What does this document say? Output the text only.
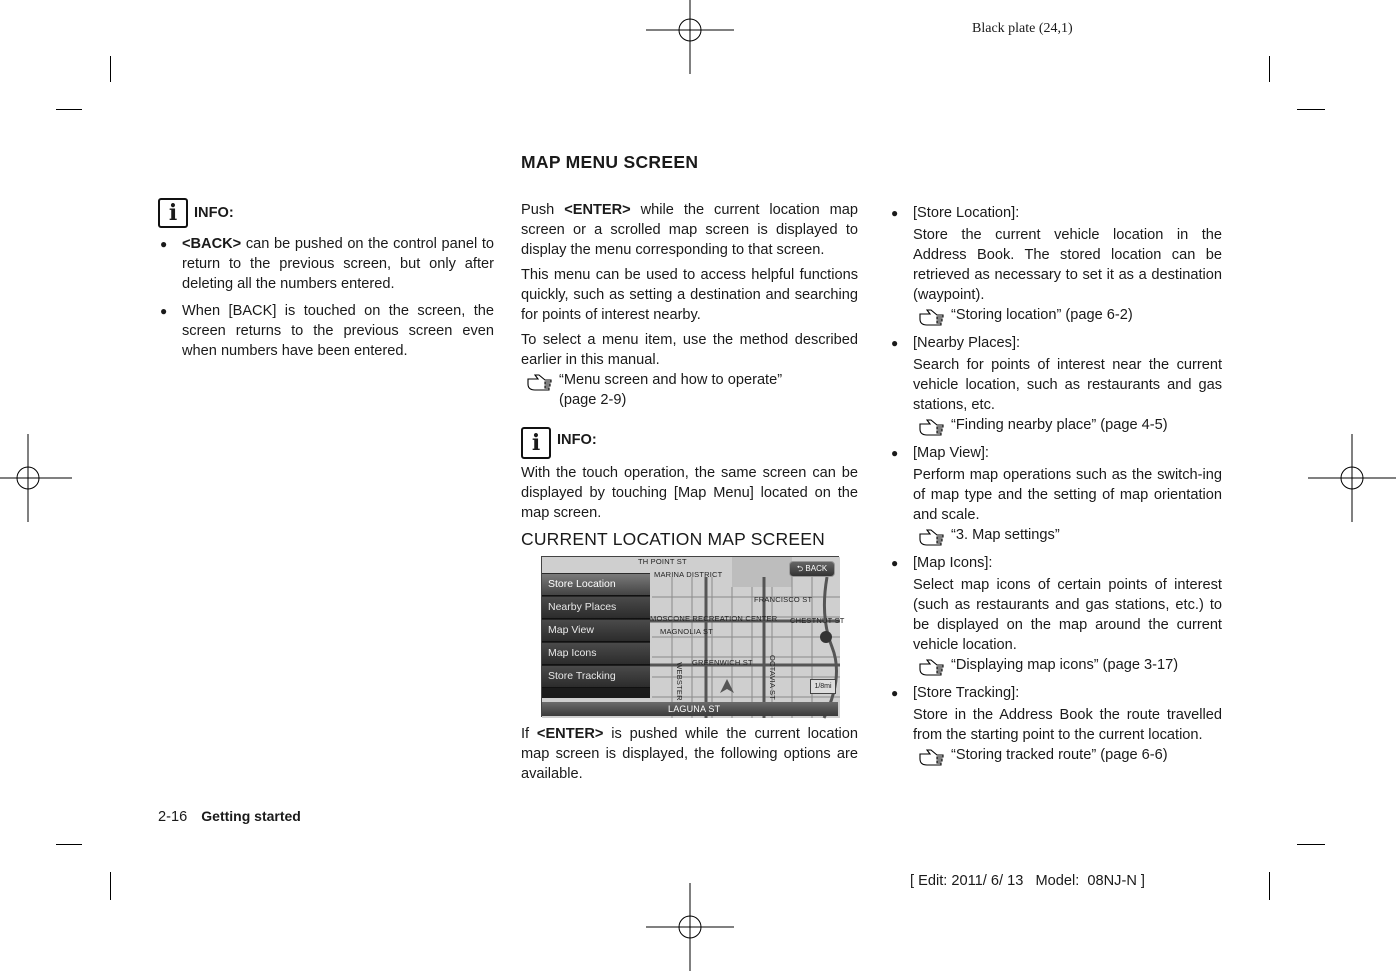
Black plate (24,1)
i INFO:
● <BACK> can be pushed on the control panel to return to the previous screen, but only after deleting all the numbers entered.

● When [BACK] is touched on the screen, the screen returns to the previous screen even when numbers have been entered.

MAP MENU SCREEN

Push <ENTER> while the current location map screen or a scrolled map screen is displayed to display the menu corresponding to that screen.

This menu can be used to access helpful functions quickly, such as setting a destination and searching for points of interest nearby.

To select a menu item, use the method described earlier in this manual.

“Menu screen and how to operate”
(page 2-9)
i INFO:

With the touch operation, the same screen can be displayed by touching [Map Menu] located on the map screen.

CURRENT LOCATION MAP SCREEN
TH POINT ST
MARINA DISTRICT
FRANCISCO ST
MOSCONE RECREATION CENTER CHESTNUT ST
MAGNOLIA ST
GREENWICH ST
WEBSTER	OCTAVIA ST
⮌ BACK
1/8mi
Store Location
Nearby Places
Map View
Map Icons
Store Tracking
LAGUNA ST

If <ENTER> is pushed while the current location map screen is displayed, the following options are available.

● [Store Location]:

Store the current vehicle location in the Address Book. The stored location can be retrieved as necessary to set it as a destination (waypoint).

“Storing location” (page 6-2)
● [Nearby Places]:

Search for points of interest near the current vehicle location, such as restaurants and gas stations, etc.

“Finding nearby place” (page 4-5)
● [Map View]:

Perform map operations such as the switch-ing of map type and the setting of map orientation and scale.

“3. Map settings”
● [Map Icons]:

Select map icons of certain points of interest (such as restaurants and gas stations, etc.) to be displayed on the map around the current vehicle location.

“Displaying map icons” (page 3-17)
● [Store Tracking]:

Store in the Address Book the route travelled from the starting point to the current location.

“Storing tracked route” (page 6-6)
2-16 Getting started
[ Edit: 2011/ 6/ 13   Model:  08NJ-N ]
